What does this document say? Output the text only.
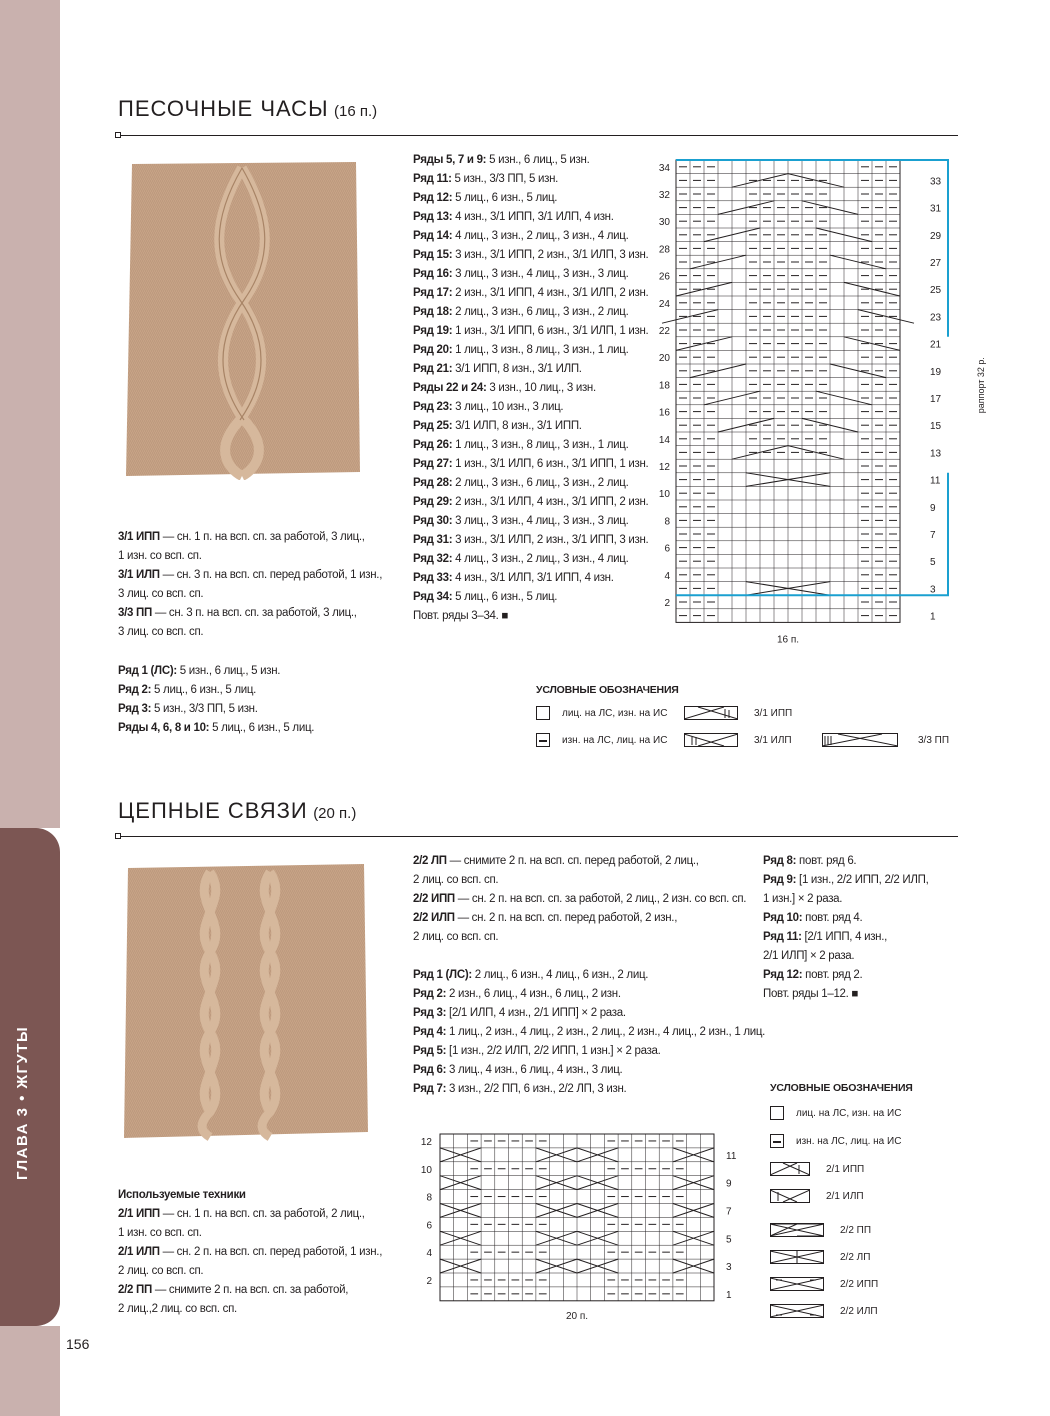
ГЛАВА 3 • ЖГУТЫ
156
ПЕСОЧНЫЕ ЧАСЫ (16 п.)

3/1 ИПП — сн. 1 п. на всп. сп. за работой, 3 лиц.,

1 изн. со всп. сп.

3/1 ИЛП — сн. 3 п. на всп. сп. перед работой, 1 изн.,

3 лиц. со всп. сп.

3/3 ПП — сн. 3 п. на всп. сп. за работой, 3 лиц.,

3 лиц. со всп. сп.

Ряд 1 (ЛС): 5 изн., 6 лиц., 5 изн.

Ряд 2: 5 лиц., 6 изн., 5 лиц.

Ряд 3: 5 изн., 3/3 ПП, 5 изн.

Ряды 4, 6, 8 и 10: 5 лиц., 6 изн., 5 лиц.

Ряды 5, 7 и 9: 5 изн., 6 лиц., 5 изн.

Ряд 11: 5 изн., 3/3 ПП, 5 изн.

Ряд 12: 5 лиц., 6 изн., 5 лиц.

Ряд 13: 4 изн., 3/1 ИПП, 3/1 ИЛП, 4 изн.

Ряд 14: 4 лиц., 3 изн., 2 лиц., 3 изн., 4 лиц.

Ряд 15: 3 изн., 3/1 ИПП, 2 изн., 3/1 ИЛП, 3 изн.

Ряд 16: 3 лиц., 3 изн., 4 лиц., 3 изн., 3 лиц.

Ряд 17: 2 изн., 3/1 ИПП, 4 изн., 3/1 ИЛП, 2 изн.

Ряд 18: 2 лиц., 3 изн., 6 лиц., 3 изн., 2 лиц.

Ряд 19: 1 изн., 3/1 ИПП, 6 изн., 3/1 ИЛП, 1 изн.

Ряд 20: 1 лиц., 3 изн., 8 лиц., 3 изн., 1 лиц.

Ряд 21: 3/1 ИПП, 8 изн., 3/1 ИЛП.

Ряды 22 и 24: 3 изн., 10 лиц., 3 изн.

Ряд 23: 3 лиц., 10 изн., 3 лиц.

Ряд 25: 3/1 ИЛП, 8 изн., 3/1 ИПП.

Ряд 26: 1 лиц., 3 изн., 8 лиц., 3 изн., 1 лиц.

Ряд 27: 1 изн., 3/1 ИЛП, 6 изн., 3/1 ИПП, 1 изн.

Ряд 28: 2 лиц., 3 изн., 6 лиц., 3 изн., 2 лиц.

Ряд 29: 2 изн., 3/1 ИЛП, 4 изн., 3/1 ИПП, 2 изн.

Ряд 30: 3 лиц., 3 изн., 4 лиц., 3 изн., 3 лиц.

Ряд 31: 3 изн., 3/1 ИЛП, 2 изн., 3/1 ИПП, 3 изн.

Ряд 32: 4 лиц., 3 изн., 2 лиц., 3 изн., 4 лиц.

Ряд 33: 4 изн., 3/1 ИЛП, 3/1 ИПП, 4 изн.

Ряд 34: 5 лиц., 6 изн., 5 лиц.

Повт. ряды 3–34. ■

2
4
6
8
10
12
14
16
18
20
22
24
26
28
30
32
34
1
3
5
7
9
11
13
15
17
19
21
23
25
27
29
31
33
раппорт 32 р.
16 п.
УСЛОВНЫЕ ОБОЗНАЧЕНИЯ
лиц. на ЛС, изн. на ИС
изн. на ЛС, лиц. на ИС
3/1 ИПП
3/1 ИЛП	3/3 ПП
ЦЕПНЫЕ СВЯЗИ (20 п.)

Используемые техники

2/1 ИПП — сн. 1 п. на всп. сп. за работой, 2 лиц.,

1 изн. со всп. сп.

2/1 ИЛП — сн. 2 п. на всп. сп. перед работой, 1 изн.,

2 лиц. со всп. сп.

2/2 ПП — снимите 2 п. на всп. сп. за работой,

2 лиц.,2 лиц. со всп. сп.

2/2 ЛП — снимите 2 п. на всп. сп. перед работой, 2 лиц.,

2 лиц. со всп. сп.

2/2 ИПП — сн. 2 п. на всп. сп. за работой, 2 лиц., 2 изн. со всп. сп.

2/2 ИЛП — сн. 2 п. на всп. сп. перед работой, 2 изн.,

2 лиц. со всп. сп.

Ряд 1 (ЛС): 2 лиц., 6 изн., 4 лиц., 6 изн., 2 лиц.

Ряд 2: 2 изн., 6 лиц., 4 изн., 6 лиц., 2 изн.

Ряд 3: [2/1 ИЛП, 4 изн., 2/1 ИПП] × 2 раза.

Ряд 4: 1 лиц., 2 изн., 4 лиц., 2 изн., 2 лиц., 2 изн., 4 лиц., 2 изн., 1 лиц.

Ряд 5: [1 изн., 2/2 ИЛП, 2/2 ИПП, 1 изн.] × 2 раза.

Ряд 6: 3 лиц., 4 изн., 6 лиц., 4 изн., 3 лиц.

Ряд 7: 3 изн., 2/2 ПП, 6 изн., 2/2 ЛП, 3 изн.

Ряд 8: повт. ряд 6.

Ряд 9: [1 изн., 2/2 ИПП, 2/2 ИЛП,

1 изн.] × 2 раза.

Ряд 10: повт. ряд 4.

Ряд 11: [2/1 ИПП, 4 изн.,

2/1 ИЛП] × 2 раза.

Ряд 12: повт. ряд 2.

Повт. ряды 1–12. ■

2
4
6
8
10
12
1
3
5
7
9
11
20 п.
УСЛОВНЫЕ ОБОЗНАЧЕНИЯ
лиц. на ЛС, изн. на ИС
изн. на ЛС, лиц. на ИС
2/1 ИПП
2/1 ИЛП
2/2 ПП
2/2 ЛП
2/2 ИПП
2/2 ИЛП
